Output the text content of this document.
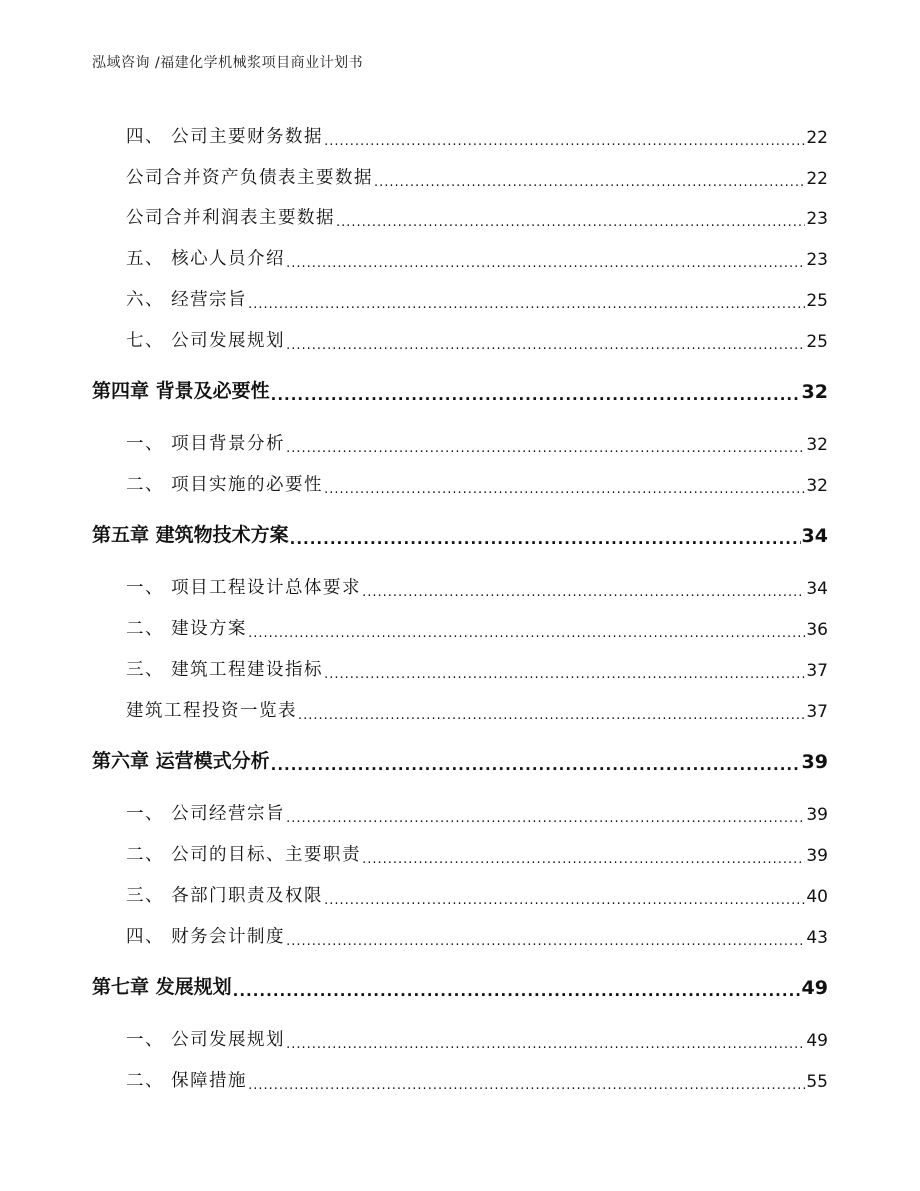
泓域咨询 /福建化学机械浆项目商业计划书
四、 公司主要财务数据 .....	22
公司合并资产负债表主要数据 .....	22
公司合并利润表主要数据 .....	23
五、 核心人员介绍 .....	23
六、 经营宗旨 .....	25
七、 公司发展规划 .....	25
第四章 背景及必要性 .....	32
一、 项目背景分析 .....	32
二、 项目实施的必要性 .....	32
第五章 建筑物技术方案 .....	34
一、 项目工程设计总体要求 .....	34
二、 建设方案 .....	36
三、 建筑工程建设指标 .....	37
建筑工程投资一览表 .....	37
第六章 运营模式分析 .....	39
一、 公司经营宗旨 .....	39
二、 公司的目标、主要职责 .....	39
三、 各部门职责及权限 .....	40
四、 财务会计制度 .....	43
第七章 发展规划 .....	49
一、 公司发展规划 .....	49
二、 保障措施 .....	55
